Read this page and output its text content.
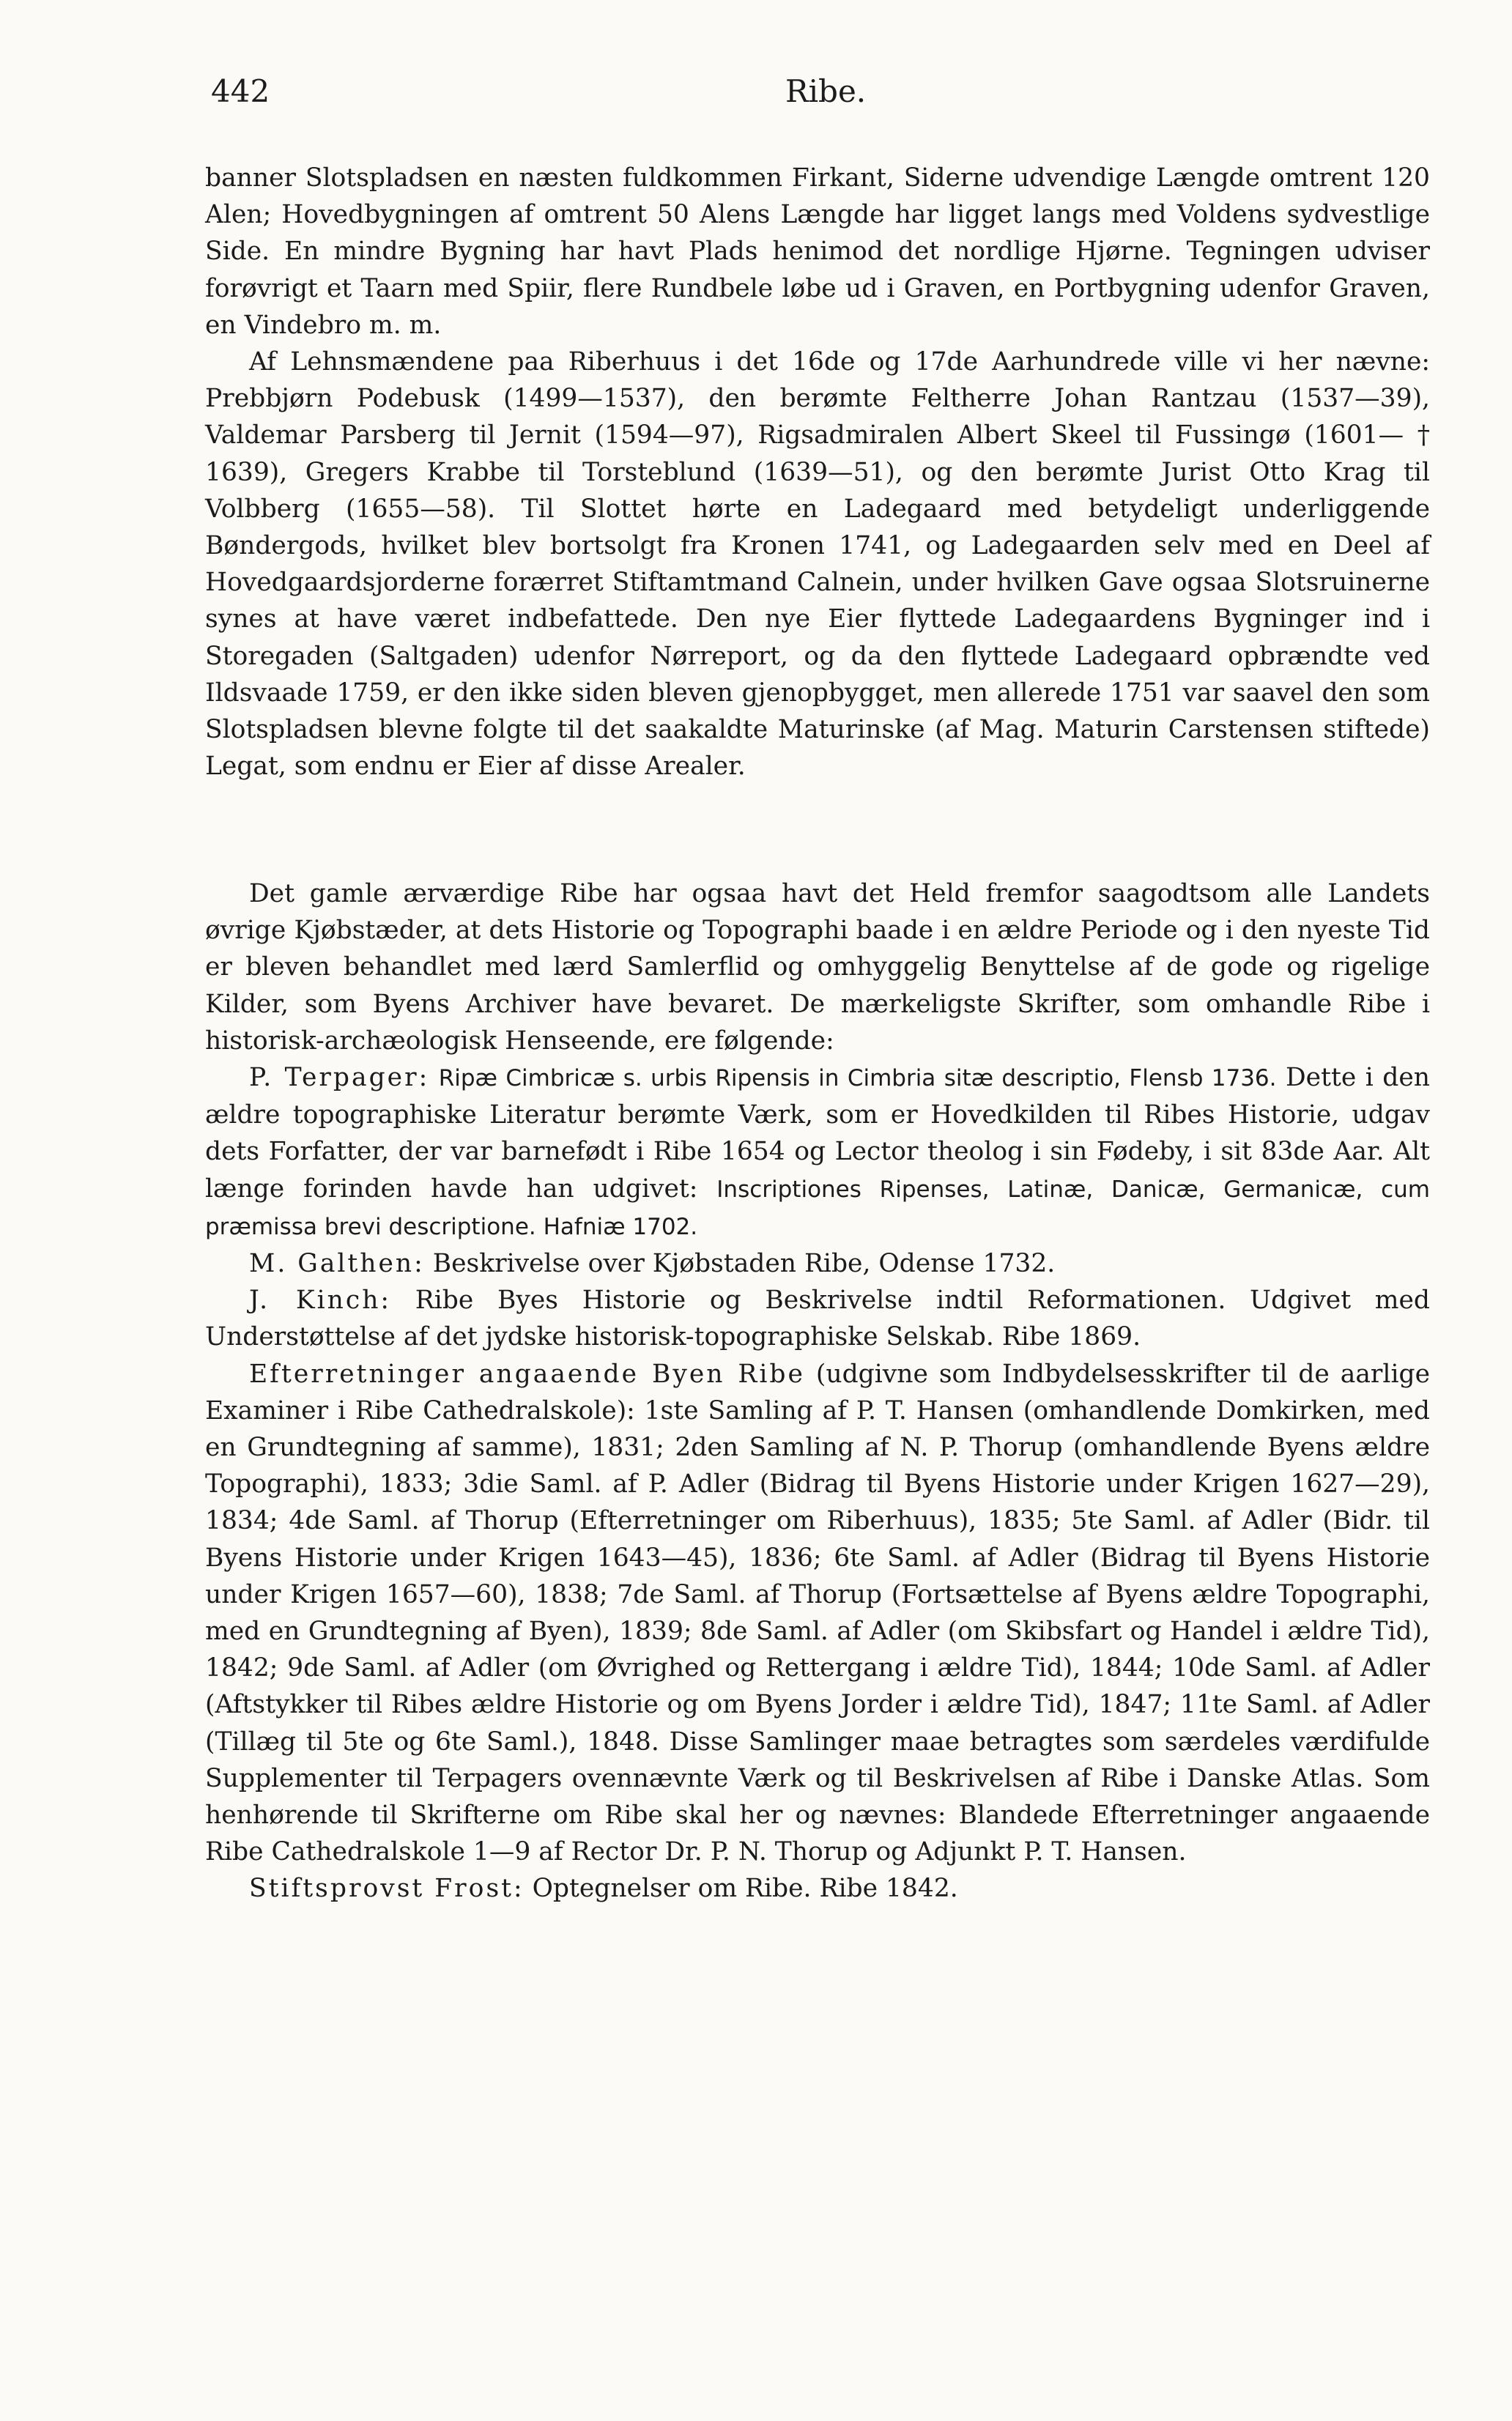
442	Ribe.

banner Slotspladsen en næsten fuldkommen Firkant, Siderne udvendige Længde omtrent 120 Alen; Hovedbygningen af omtrent 50 Alens Længde har ligget langs med Voldens sydvestlige Side. En mindre Bygning har havt Plads henimod det nordlige Hjørne. Tegningen udviser forøvrigt et Taarn med Spiir, flere Rundbele løbe ud i Graven, en Portbygning udenfor Graven, en Vindebro m. m.

Af Lehnsmændene paa Riberhuus i det 16de og 17de Aarhundrede ville vi her nævne: Prebbjørn Podebusk (1499—1537), den berømte Feltherre Johan Rantzau (1537—39), Valdemar Parsberg til Jernit (1594—97), Rigsadmiralen Albert Skeel til Fussingø (1601— † 1639), Gregers Krabbe til Torsteblund (1639—51), og den berømte Jurist Otto Krag til Volbberg (1655—58). Til Slottet hørte en Ladegaard med betydeligt underliggende Bøndergods, hvilket blev bortsolgt fra Kronen 1741, og Ladegaarden selv med en Deel af Hovedgaardsjorderne forærret Stiftamtmand Calnein, under hvilken Gave ogsaa Slotsruinerne synes at have været indbefattede. Den nye Eier flyttede Ladegaardens Bygninger ind i Storegaden (Saltgaden) udenfor Nørreport, og da den flyttede Ladegaard opbrændte ved Ildsvaade 1759, er den ikke siden bleven gjenopbygget, men allerede 1751 var saavel den som Slotspladsen blevne folgte til det saakaldte Maturinske (af Mag. Maturin Carstensen stiftede) Legat, som endnu er Eier af disse Arealer.

Det gamle ærværdige Ribe har ogsaa havt det Held fremfor saagodtsom alle Landets øvrige Kjøbstæder, at dets Historie og Topographi baade i en ældre Periode og i den nyeste Tid er bleven behandlet med lærd Samlerflid og omhyggelig Benyttelse af de gode og rigelige Kilder, som Byens Archiver have bevaret. De mærkeligste Skrifter, som omhandle Ribe i historisk-archæologisk Henseende, ere følgende:

P. Terpager: Ripæ Cimbricæ s. urbis Ripensis in Cimbria sitæ descriptio, Flensb 1736. Dette i den ældre topographiske Literatur berømte Værk, som er Hovedkilden til Ribes Historie, udgav dets Forfatter, der var barnefødt i Ribe 1654 og Lector theolog i sin Fødeby, i sit 83de Aar. Alt længe forinden havde han udgivet: Inscriptiones Ripenses, Latinæ, Danicæ, Germanicæ, cum præmissa brevi descriptione. Hafniæ 1702.

M. Galthen: Beskrivelse over Kjøbstaden Ribe, Odense 1732.

J. Kinch: Ribe Byes Historie og Beskrivelse indtil Reformationen. Udgivet med Understøttelse af det jydske historisk-topographiske Selskab. Ribe 1869.

Efterretninger angaaende Byen Ribe (udgivne som Indbydelsesskrifter til de aarlige Examiner i Ribe Cathedralskole): 1ste Samling af P. T. Hansen (omhandlende Domkirken, med en Grundtegning af samme), 1831; 2den Samling af N. P. Thorup (omhandlende Byens ældre Topographi), 1833; 3die Saml. af P. Adler (Bidrag til Byens Historie under Krigen 1627—29), 1834; 4de Saml. af Thorup (Efterretninger om Riberhuus), 1835; 5te Saml. af Adler (Bidr. til Byens Historie under Krigen 1643—45), 1836; 6te Saml. af Adler (Bidrag til Byens Historie under Krigen 1657—60), 1838; 7de Saml. af Thorup (Fortsættelse af Byens ældre Topographi, med en Grundtegning af Byen), 1839; 8de Saml. af Adler (om Skibsfart og Handel i ældre Tid), 1842; 9de Saml. af Adler (om Øvrighed og Rettergang i ældre Tid), 1844; 10de Saml. af Adler (Aftstykker til Ribes ældre Historie og om Byens Jorder i ældre Tid), 1847; 11te Saml. af Adler (Tillæg til 5te og 6te Saml.), 1848. Disse Samlinger maae betragtes som særdeles værdifulde Supplementer til Terpagers ovennævnte Værk og til Beskrivelsen af Ribe i Danske Atlas. Som henhørende til Skrifterne om Ribe skal her og nævnes: Blandede Efterretninger angaaende Ribe Cathedralskole 1—9 af Rector Dr. P. N. Thorup og Adjunkt P. T. Hansen.

Stiftsprovst Frost: Optegnelser om Ribe. Ribe 1842.
